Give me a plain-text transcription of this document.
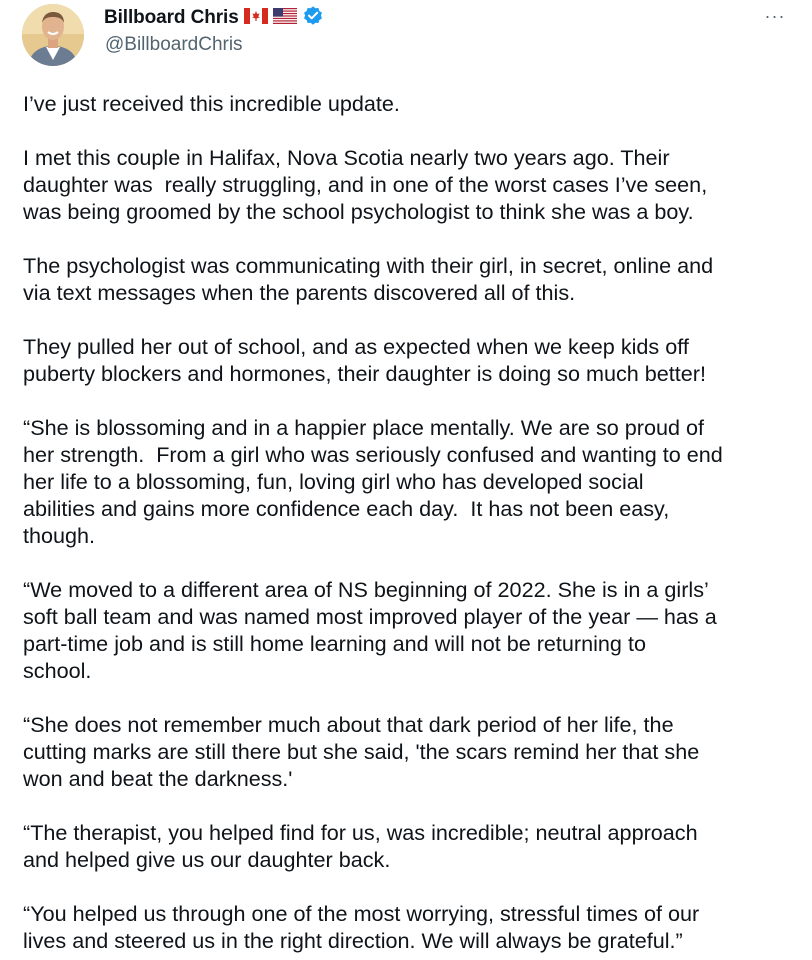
Billboard Chris
@BillboardChris
···

I’ve just received this incredible update.

I met this couple in Halifax, Nova Scotia nearly two years ago. Their
daughter was  really struggling, and in one of the worst cases I’ve seen,
was being groomed by the school psychologist to think she was a boy.

The psychologist was communicating with their girl, in secret, online and
via text messages when the parents discovered all of this.

They pulled her out of school, and as expected when we keep kids off
puberty blockers and hormones, their daughter is doing so much better!

“She is blossoming and in a happier place mentally. We are so proud of
her strength.  From a girl who was seriously confused and wanting to end
her life to a blossoming, fun, loving girl who has developed social
abilities and gains more confidence each day.  It has not been easy,
though.

“We moved to a different area of NS beginning of 2022. She is in a girls’
soft ball team and was named most improved player of the year — has a
part-time job and is still home learning and will not be returning to
school.

“She does not remember much about that dark period of her life, the
cutting marks are still there but she said, 'the scars remind her that she
won and beat the darkness.'

“The therapist, you helped find for us, was incredible; neutral approach
and helped give us our daughter back.

“You helped us through one of the most worrying, stressful times of our
lives and steered us in the right direction. We will always be grateful.”
